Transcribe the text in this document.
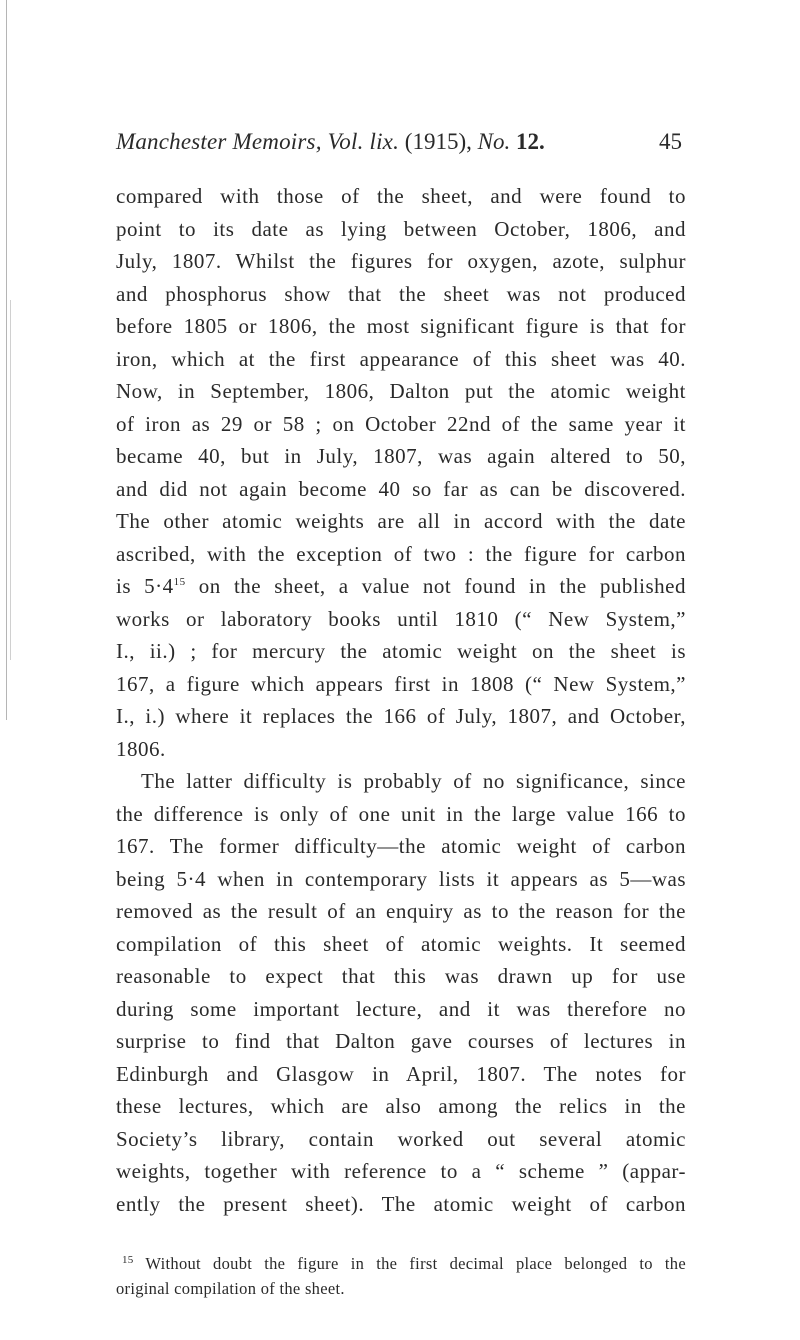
Manchester Memoirs, Vol. lix. (1915), No. 12.	45
compared with those of the sheet, and were found to
point to its date as lying between October, 1806, and
July, 1807. Whilst the figures for oxygen, azote, sulphur
and phosphorus show that the sheet was not produced
before 1805 or 1806, the most significant figure is that for
iron, which at the first appearance of this sheet was 40.
Now, in September, 1806, Dalton put the atomic weight
of iron as 29 or 58 ; on October 22nd of the same year it
became 40, but in July, 1807, was again altered to 50,
and did not again become 40 so far as can be discovered.
The other atomic weights are all in accord with the date
ascribed, with the exception of two : the figure for carbon
is 5·4$^{15}$ on the sheet, a value not found in the published
works or laboratory books until 1810 (“ New System,”
I., ii.) ; for mercury the atomic weight on the sheet is
167, a figure which appears first in 1808 (“ New System,”
I., i.) where it replaces the 166 of July, 1807, and October,
1806.
The latter difficulty is probably of no significance, since
the difference is only of one unit in the large value 166 to
167. The former difficulty—the atomic weight of carbon
being 5·4 when in contemporary lists it appears as 5—was
removed as the result of an enquiry as to the reason for the
compilation of this sheet of atomic weights. It seemed
reasonable to expect that this was drawn up for use
during some important lecture, and it was therefore no
surprise to find that Dalton gave courses of lectures in
Edinburgh and Glasgow in April, 1807. The notes for
these lectures, which are also among the relics in the
Society’s library, contain worked out several atomic
weights, together with reference to a “ scheme ” (appar-
ently the present sheet). The atomic weight of carbon
$^{15}$ Without doubt the figure in the first decimal place belonged to the
original compilation of the sheet.
